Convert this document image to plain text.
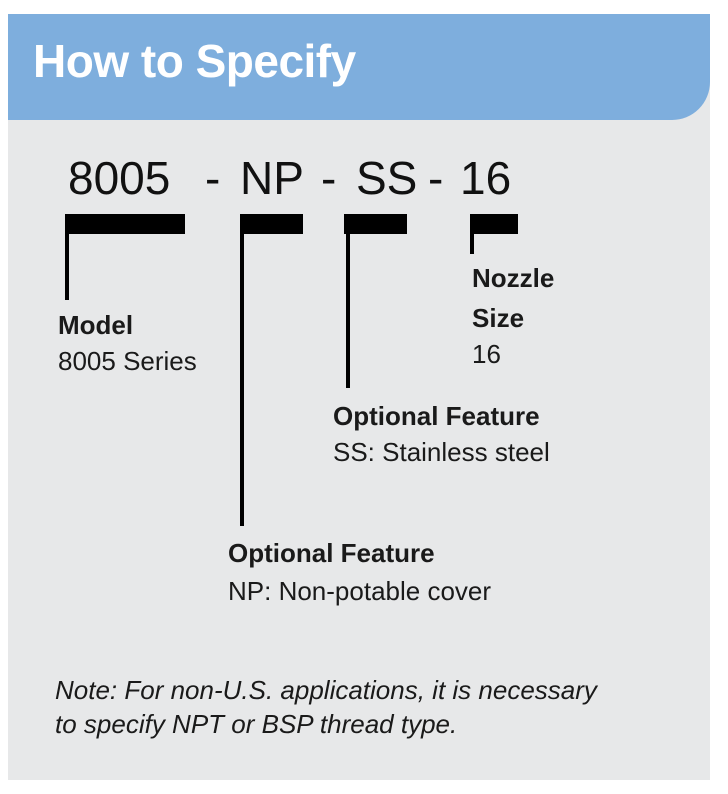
How to Specify
8005 - NP - SS - 16
Model
8005 Series
Nozzle
Size
16
Optional Feature
SS: Stainless steel
Optional Feature
NP: Non-potable cover
Note: For non-U.S. applications, it is necessary
to specify NPT or BSP thread type.
